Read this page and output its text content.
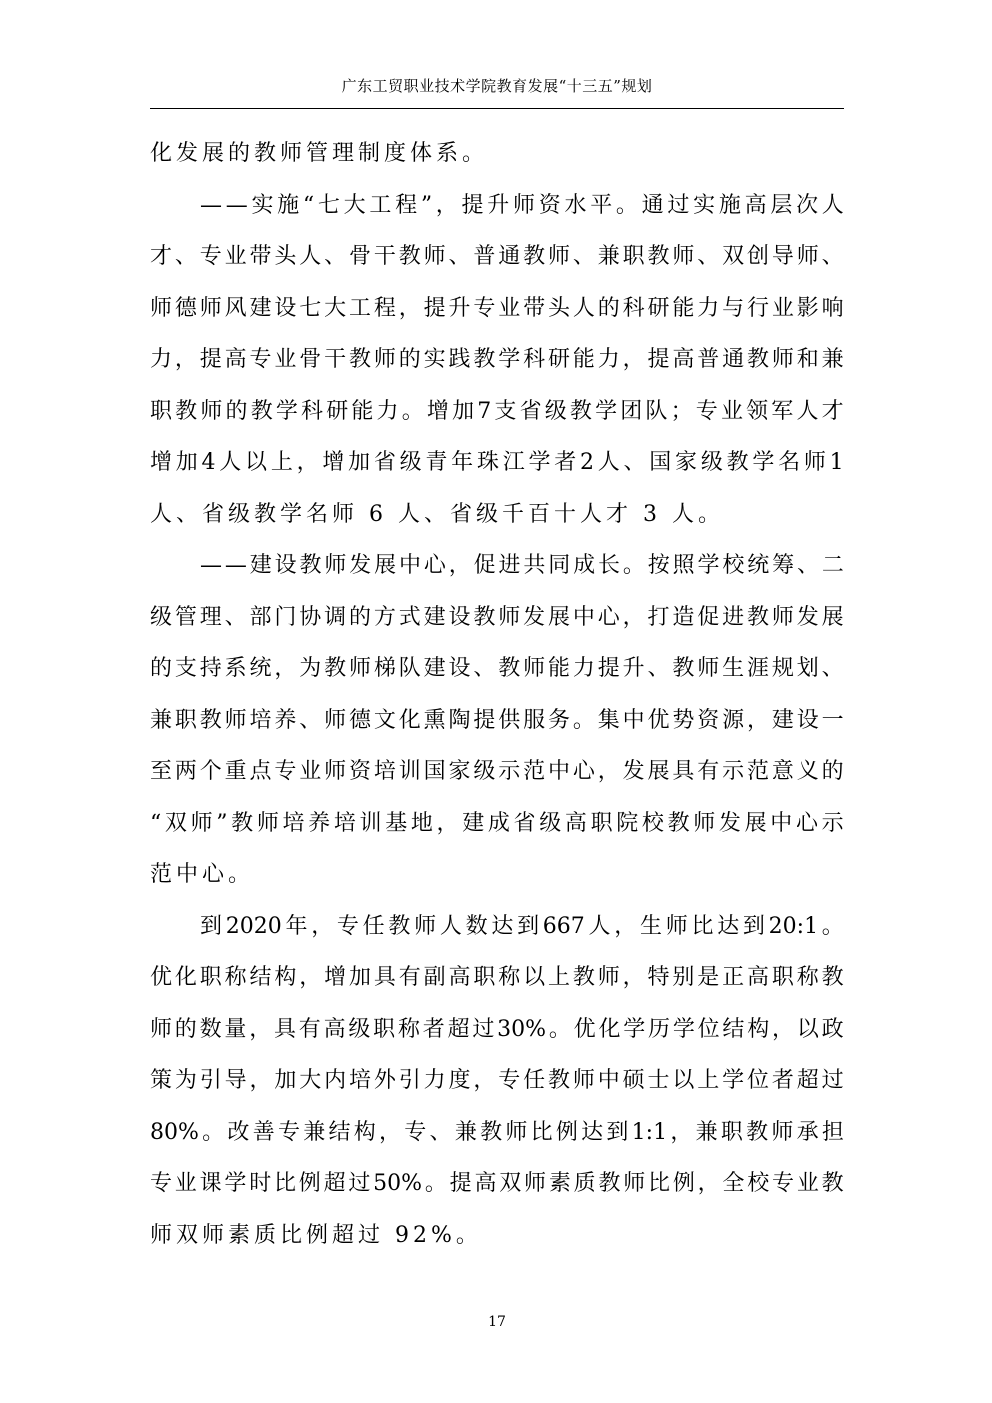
广东工贸职业技术学院教育发展“十三五”规划
化发展的教师管理制度体系。
— — 实 施 “ 七 大 工 程 ” ， 提 升 师 资 水 平 。 通 过 实 施 高 层 次 人
才 、 专 业 带 头 人 、 骨 干 教 师 、 普 通 教 师 、 兼 职 教 师 、 双 创 导 师 、
师 德 师 风 建 设 七 大 工 程 ， 提 升 专 业 带 头 人 的 科 研 能 力 与 行 业 影 响
力 ， 提 高 专 业 骨 干 教 师 的 实 践 教 学 科 研 能 力 ， 提 高 普 通 教 师 和 兼
职 教 师 的 教 学 科 研 能 力 。 增 加 7 支 省 级 教 学 团 队 ； 专 业 领 军 人 才
增 加 4 人 以 上 ， 增 加 省 级 青 年 珠 江 学 者 2 人 、 国 家 级 教 学 名 师 1
人、省级教学名师 6 人、省级千百十人才 3 人。
— — 建 设 教 师 发 展 中 心 ， 促 进 共 同 成 长 。 按 照 学 校 统 筹 、 二
级 管 理 、 部 门 协 调 的 方 式 建 设 教 师 发 展 中 心 ， 打 造 促 进 教 师 发 展
的 支 持 系 统 ， 为 教 师 梯 队 建 设 、 教 师 能 力 提 升 、 教 师 生 涯 规 划 、
兼 职 教 师 培 养 、 师 德 文 化 熏 陶 提 供 服 务 。 集 中 优 势 资 源 ， 建 设 一
至 两 个 重 点 专 业 师 资 培 训 国 家 级 示 范 中 心 ， 发 展 具 有 示 范 意 义 的
“ 双 师 ” 教 师 培 养 培 训 基 地 ， 建 成 省 级 高 职 院 校 教 师 发 展 中 心 示
范中心。
到 2020 年 ， 专 任 教 师 人 数 达 到 667 人 ， 生 师 比 达 到 20:1 。
优 化 职 称 结 构 ， 增 加 具 有 副 高 职 称 以 上 教 师 ， 特 别 是 正 高 职 称 教
师 的 数 量 ， 具 有 高 级 职 称 者 超 过 30% 。 优 化 学 历 学 位 结 构 ， 以 政
策 为 引 导 ， 加 大 内 培 外 引 力 度 ， 专 任 教 师 中 硕 士 以 上 学 位 者 超 过
80% 。 改 善 专 兼 结 构 ， 专 、 兼 教 师 比 例 达 到 1:1 ， 兼 职 教 师 承 担
专 业 课 学 时 比 例 超 过 50% 。 提 高 双 师 素 质 教 师 比 例 ， 全 校 专 业 教
师双师素质比例超过 92%。
17
